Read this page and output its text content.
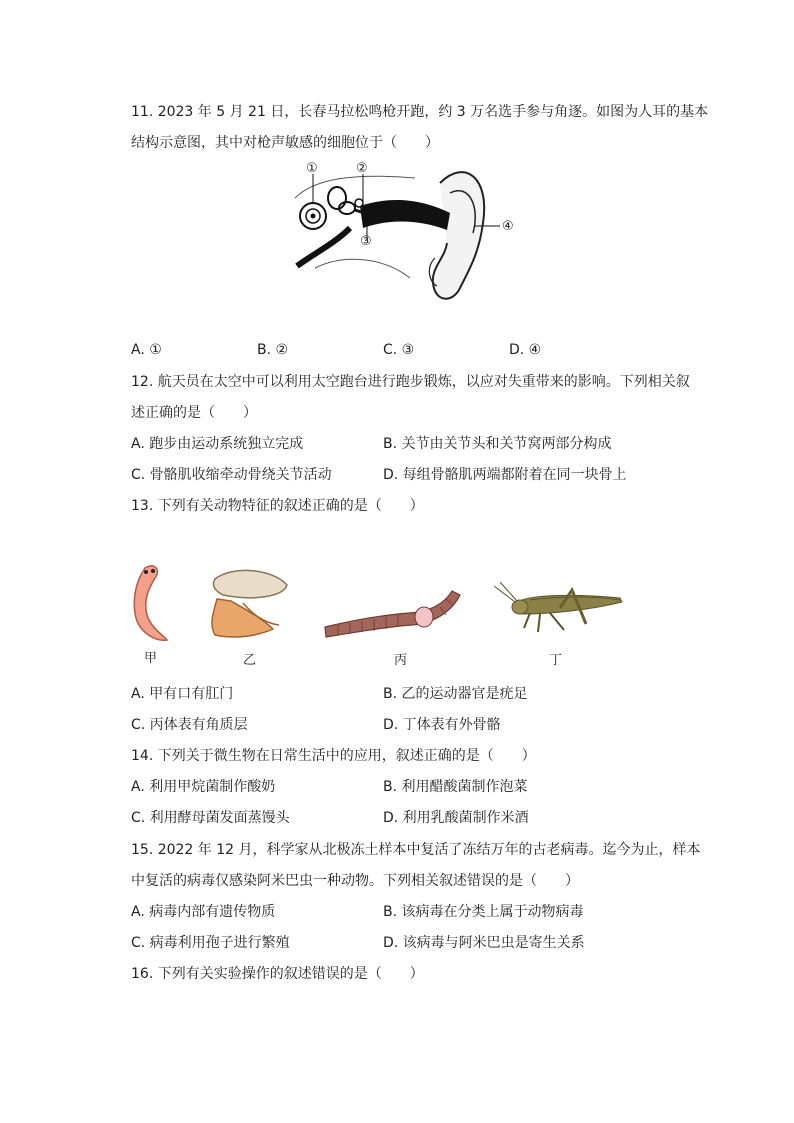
11. 2023 年 5 月 21 日，长春马拉松鸣枪开跑，约 3 万名选手参与角逐。如图为人耳的基本
结构示意图，其中对枪声敏感的细胞位于（　　）
①	②
③
④
A. ①	B. ②	C. ③	D. ④
12. 航天员在太空中可以利用太空跑台进行跑步锻炼，以应对失重带来的影响。下列相关叙
述正确的是（　　）
A. 跑步由运动系统独立完成	B. 关节由关节头和关节窝两部分构成
C. 骨骼肌收缩牵动骨绕关节活动	D. 每组骨骼肌两端都附着在同一块骨上
13. 下列有关动物特征的叙述正确的是（　　）
甲	乙	丙	丁
A. 甲有口有肛门	B. 乙的运动器官是疣足
C. 丙体表有角质层	D. 丁体表有外骨骼
14. 下列关于微生物在日常生活中的应用，叙述正确的是（　　）
A. 利用甲烷菌制作酸奶	B. 利用醋酸菌制作泡菜
C. 利用酵母菌发面蒸馒头	D. 利用乳酸菌制作米酒
15. 2022 年 12 月，科学家从北极冻土样本中复活了冻结万年的古老病毒。迄今为止，样本
中复活的病毒仅感染阿米巴虫一种动物。下列相关叙述错误的是（　　）
A. 病毒内部有遗传物质	B. 该病毒在分类上属于动物病毒
C. 病毒利用孢子进行繁殖	D. 该病毒与阿米巴虫是寄生关系
16. 下列有关实验操作的叙述错误的是（　　）
